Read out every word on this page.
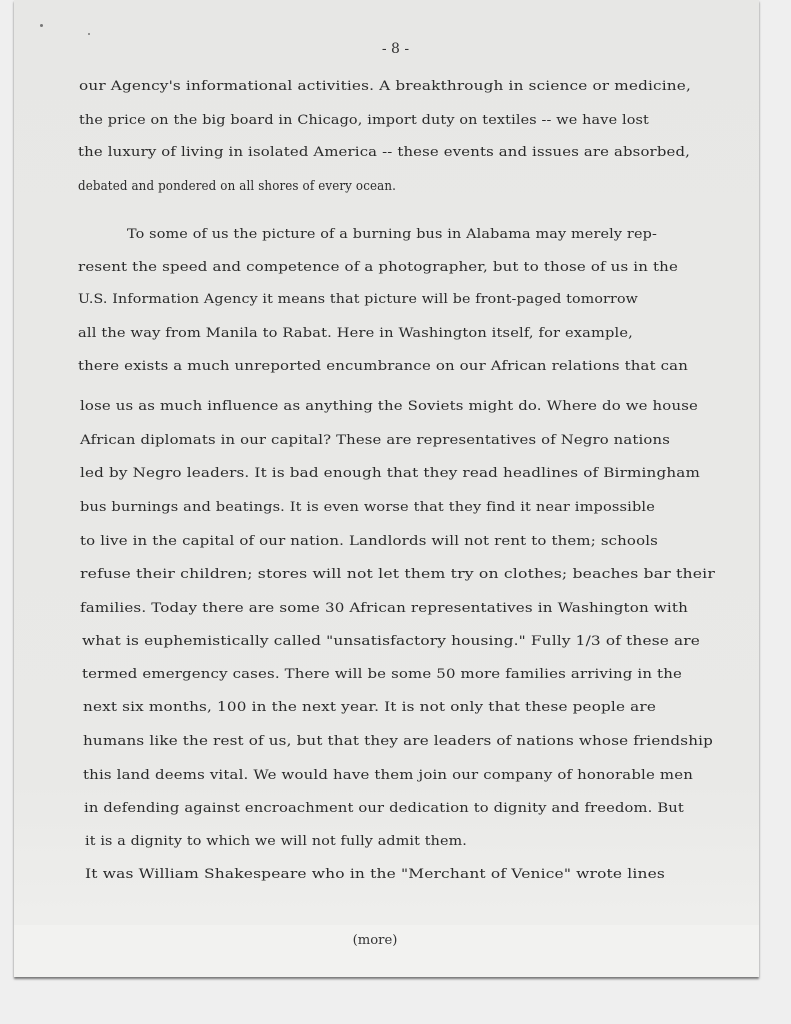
- 8 -
our Agency's informational activities. A breakthrough in science or medicine,
the price on the big board in Chicago, import duty on textiles -- we have lost
the luxury of living in isolated America -- these events and issues are absorbed,
debated and pondered on all shores of every ocean.
To some of us the picture of a burning bus in Alabama may merely rep-
resent the speed and competence of a photographer, but to those of us in the
U.S. Information Agency it means that picture will be front-paged tomorrow
all the way from Manila to Rabat. Here in Washington itself, for example,
there exists a much unreported encumbrance on our African relations that can
lose us as much influence as anything the Soviets might do. Where do we house
African diplomats in our capital? These are representatives of Negro nations
led by Negro leaders. It is bad enough that they read headlines of Birmingham
bus burnings and beatings. It is even worse that they find it near impossible
to live in the capital of our nation. Landlords will not rent to them; schools
refuse their children; stores will not let them try on clothes; beaches bar their
families. Today there are some 30 African representatives in Washington with
what is euphemistically called "unsatisfactory housing." Fully 1/3 of these are
termed emergency cases. There will be some 50 more families arriving in the
next six months, 100 in the next year. It is not only that these people are
humans like the rest of us, but that they are leaders of nations whose friendship
this land deems vital. We would have them join our company of honorable men
in defending against encroachment our dedication to dignity and freedom. But
it is a dignity to which we will not fully admit them.
It was William Shakespeare who in the "Merchant of Venice" wrote lines
(more)
